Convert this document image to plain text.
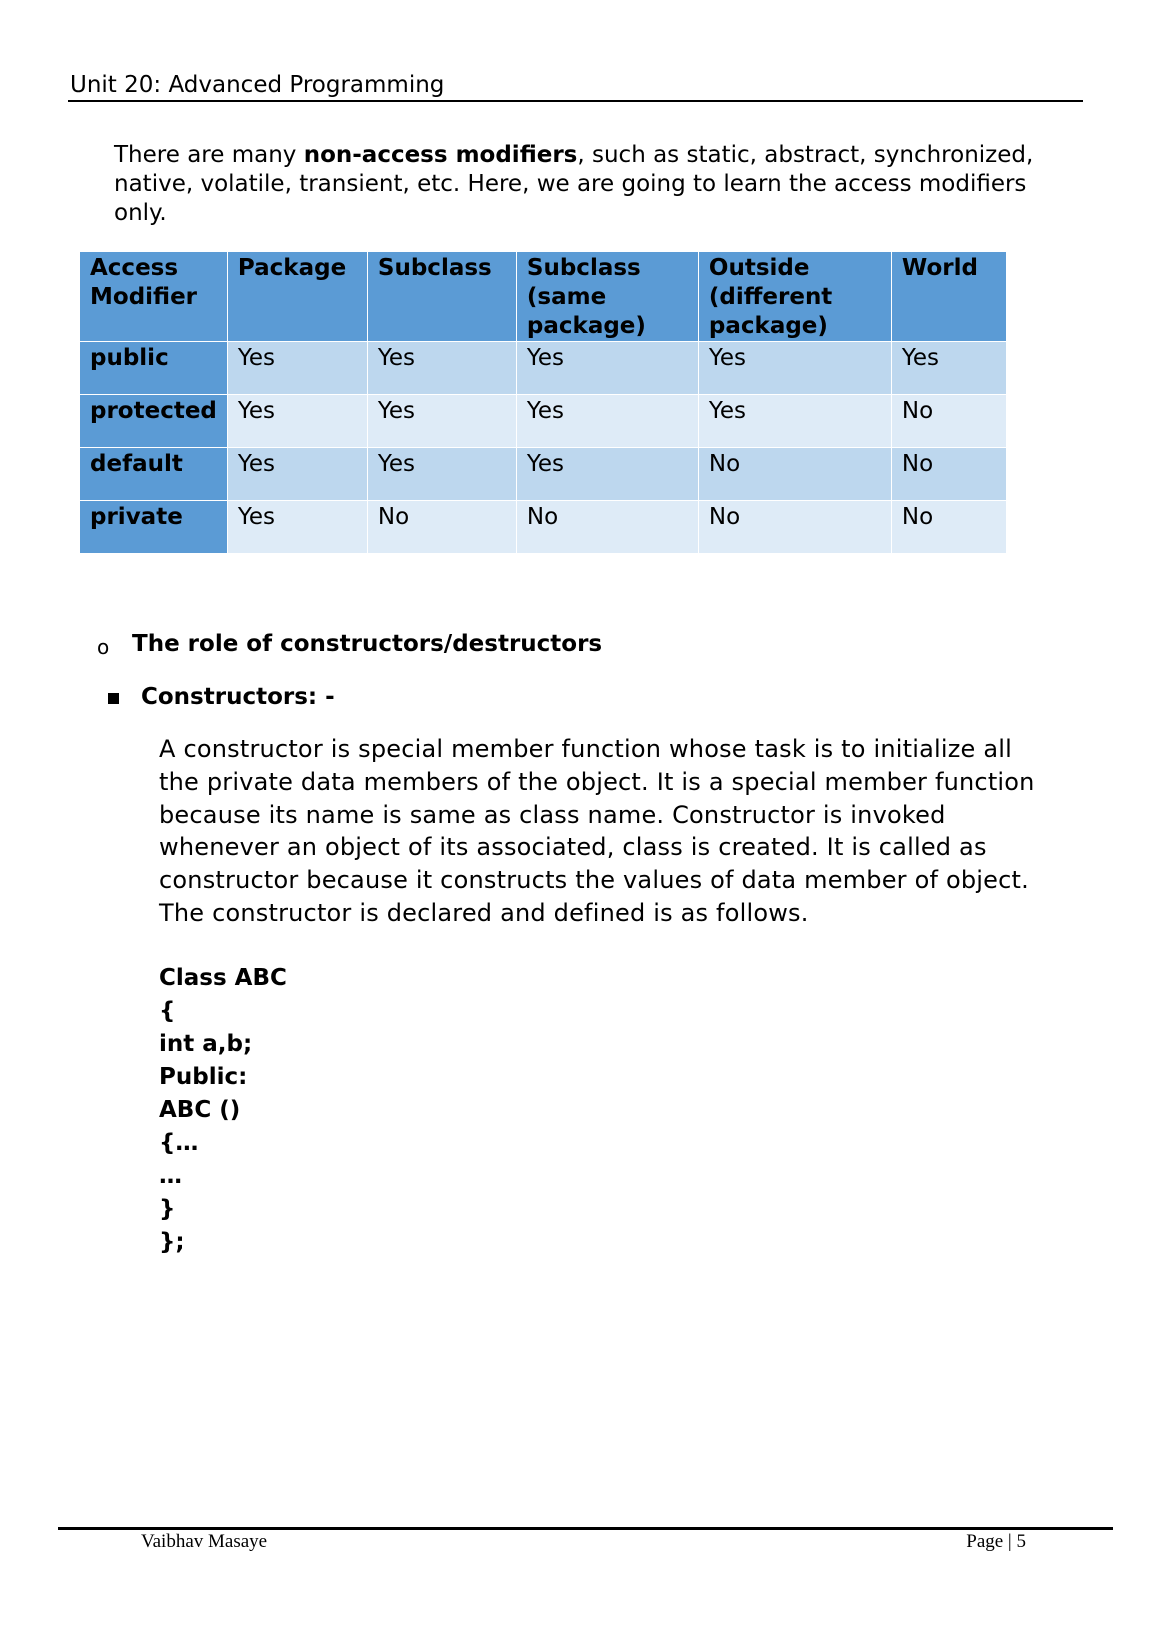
Unit 20: Advanced Programming
There are many non-access modifiers, such as static, abstract, synchronized, native, volatile, transient, etc. Here, we are going to learn the access modifiers only.
Access Modifier	Package	Subclass	Subclass (same package)	Outside (different package)	World
public	Yes	Yes	Yes	Yes	Yes
protected	Yes	Yes	Yes	Yes	No
default	Yes	Yes	Yes	No	No
private	Yes	No	No	No	No
o The role of constructors/destructors
Constructors: -
A constructor is special member function whose task is to initialize all the private data members of the object. It is a special member function because its name is same as class name. Constructor is invoked whenever an object of its associated, class is created. It is called as constructor because it constructs the values of data member of object. The constructor is declared and defined is as follows.
Class ABC
{
int a,b;
Public:
ABC ()
{…
…
}
};
Vaibhav Masaye	Page | 5
